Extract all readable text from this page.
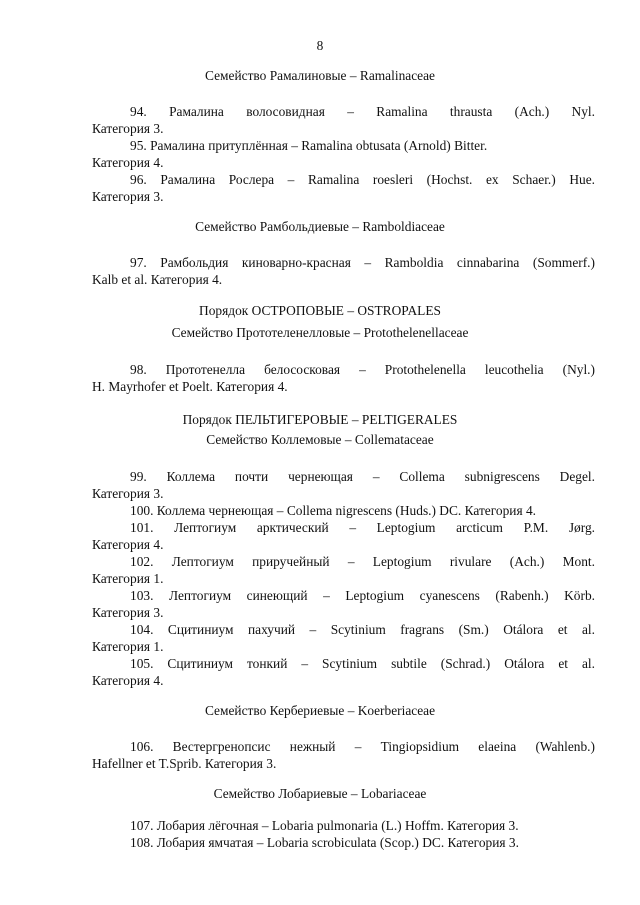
8
Семейство Рамалиновые – Ramalinaceae
94. Рамалина волосовидная – Ramalina thrausta (Ach.) Nyl.
Категория 3.
95. Рамалина притуплённая – Ramalina obtusata (Arnold) Bitter.
Категория 4.
96. Рамалина Рослера – Ramalina roesleri (Hochst. ex Schaer.) Hue.
Категория 3.
Семейство Рамбольдиевые – Ramboldiaceae
97. Рамбольдия киноварно-красная – Ramboldia cinnabarina (Sommerf.)
Kalb et al. Категория 4.
Порядок ОСТРОПОВЫЕ – OSTROPALES
Семейство Прототеленелловые – Protothelenellaceae
98. Прототенелла белососковая – Protothelenella leucothelia (Nyl.)
H. Mayrhofer et Poelt. Категория 4.
Порядок ПЕЛЬТИГЕРОВЫЕ – PELTIGERALES
Семейство Коллемовые – Collemataceae
99. Коллема почти чернеющая – Collema subnigrescens Degel.
Категория 3.
100. Коллема чернеющая – Collema nigrescens (Huds.) DC. Категория 4.
101. Лептогиум арктический – Leptogium arcticum P.M. Jørg.
Категория 4.
102. Лептогиум приручейный – Leptogium rivulare (Ach.) Mont.
Категория 1.
103. Лептогиум синеющий – Leptogium cyanescens (Rabenh.) Körb.
Категория 3.
104. Сцитиниум пахучий – Scytinium fragrans (Sm.) Otálora et al.
Категория 1.
105. Сцитиниум тонкий – Scytinium subtile (Schrad.) Otálora et al.
Категория 4.
Семейство Кербериевые – Koerberiaceae
106. Вестергренопсис нежный – Tingiopsidium elaeina (Wahlenb.)
Hafellner et T.Sprib. Категория 3.
Семейство Лобариевые – Lobariaceae
107. Лобария лёгочная – Lobaria pulmonaria (L.) Hoffm. Категория 3.
108. Лобария ямчатая – Lobaria scrobiculata (Scop.) DC. Категория 3.
